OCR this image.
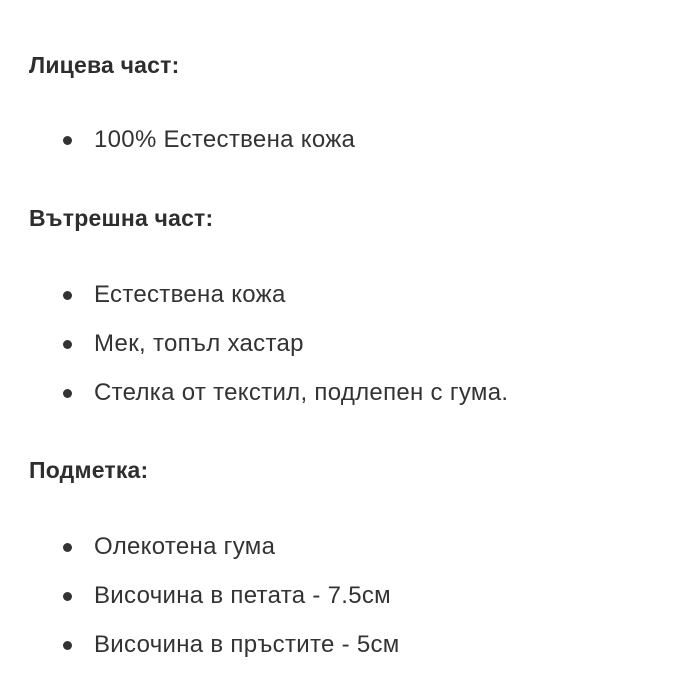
Лицева част:
100% Естествена кожа
Вътрешна част:
Естествена кожа
Мек, топъл хастар
Стелка от текстил, подлепен с гума.
Подметка:
Олекотена гума
Височина в петата - 7.5см
Височина в пръстите - 5см
